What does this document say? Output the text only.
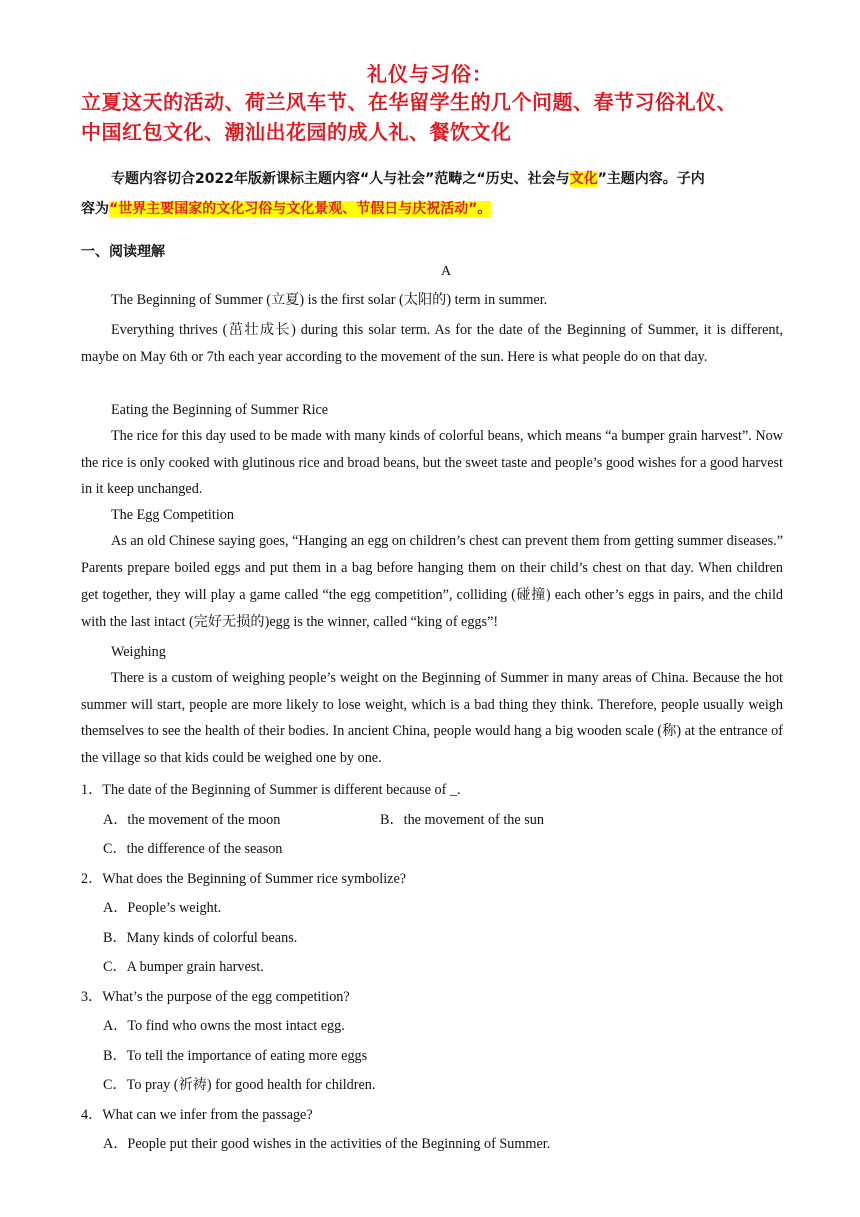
礼仪与习俗：
立夏这天的活动、荷兰风车节、在华留学生的几个问题、春节习俗礼仪、
中国红包文化、潮汕出花园的成人礼、餐饮文化
专题内容切合2022年版新课标主题内容“人与社会”范畴之“历史、社会与文化”主题内容。子内
容为“世界主要国家的文化习俗与文化景观、节假日与庆祝活动”。
一、阅读理解
A
The Beginning of Summer (立夏) is the first solar (太阳的) term in summer.
Everything thrives (茁壮成长) during this solar term. As for the date of the Beginning of Summer, it is different, maybe on May 6th or 7th each year according to the movement of the sun. Here is what people do on that day.
Eating the Beginning of Summer Rice
The rice for this day used to be made with many kinds of colorful beans, which means “a bumper grain harvest”. Now the rice is only cooked with glutinous rice and broad beans, but the sweet taste and people’s good wishes for a good harvest in it keep unchanged.
The Egg Competition
As an old Chinese saying goes, “Hanging an egg on children’s chest can prevent them from getting summer diseases.” Parents prepare boiled eggs and put them in a bag before hanging them on their child’s chest on that day. When children get together, they will play a game called “the egg competition”, colliding (碰撞) each other’s eggs in pairs, and the child with the last intact (完好无损的)egg is the winner, called “king of eggs”!
Weighing
There is a custom of weighing people’s weight on the Beginning of Summer in many areas of China. Because the hot summer will start, people are more likely to lose weight, which is a bad thing they think. Therefore, people usually weigh themselves to see the health of their bodies. In ancient China, people would hang a big wooden scale (称) at the entrance of the village so that kids could be weighed one by one.
1．The date of the Beginning of Summer is different because of _.
A．the movement of the moon	B．the movement of the sun
C．the difference of the season
2．What does the Beginning of Summer rice symbolize?
A．People’s weight.
B．Many kinds of colorful beans.
C．A bumper grain harvest.
3．What’s the purpose of the egg competition?
A．To find who owns the most intact egg.
B．To tell the importance of eating more eggs
C．To pray (祈祷) for good health for children.
4．What can we infer from the passage?
A．People put their good wishes in the activities of the Beginning of Summer.
